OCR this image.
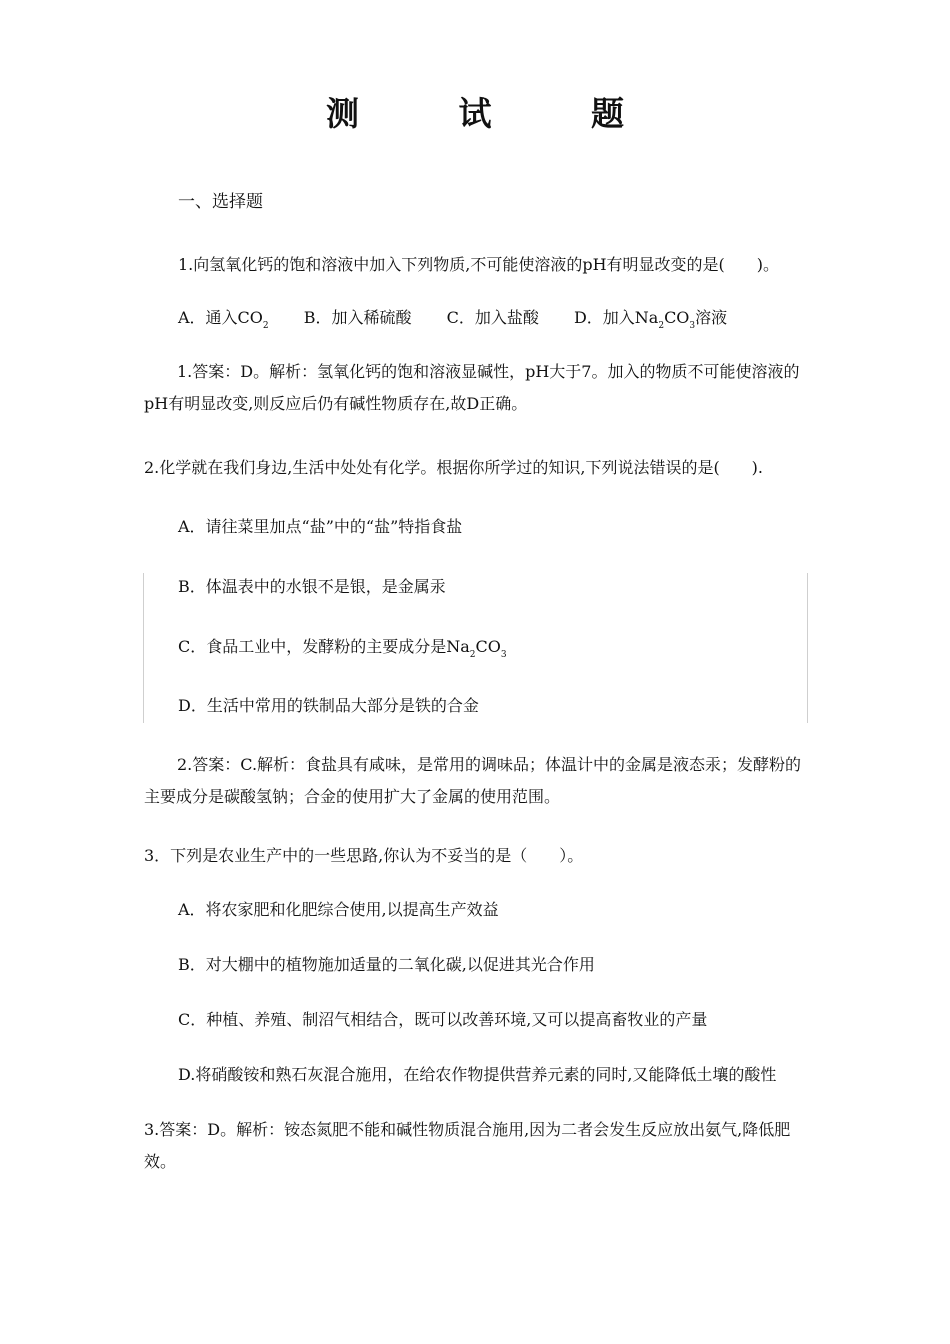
测 试 题
一、选择题
1.向氢氧化钙的饱和溶液中加入下列物质,不可能使溶液的pH有明显改变的是(　　)。
A．通入$CO_2$ B．加入稀硫酸 C．加入盐酸 D．加入$Na_2CO_3$溶液
1.答案：D。解析：氢氧化钙的饱和溶液显碱性，pH大于7。加入的物质不可能使溶液的pH有明显改变,则反应后仍有碱性物质存在,故D正确。
2.化学就在我们身边,生活中处处有化学。根据你所学过的知识,下列说法错误的是(　　).
A．请往菜里加点“盐”中的“盐”特指食盐
B．体温表中的水银不是银，是金属汞
C．食品工业中，发酵粉的主要成分是$Na_2CO_3$
D．生活中常用的铁制品大部分是铁的合金
2.答案：C.解析：食盐具有咸味，是常用的调味品；体温计中的金属是液态汞；发酵粉的主要成分是碳酸氢钠；合金的使用扩大了金属的使用范围。
3．下列是农业生产中的一些思路,你认为不妥当的是（　　）。
A．将农家肥和化肥综合使用,以提高生产效益
B．对大棚中的植物施加适量的二氧化碳,以促进其光合作用
C．种植、养殖、制沼气相结合，既可以改善环境,又可以提高畜牧业的产量
D.将硝酸铵和熟石灰混合施用，在给农作物提供营养元素的同时,又能降低土壤的酸性
3.答案：D。解析：铵态氮肥不能和碱性物质混合施用,因为二者会发生反应放出氨气,降低肥效。
